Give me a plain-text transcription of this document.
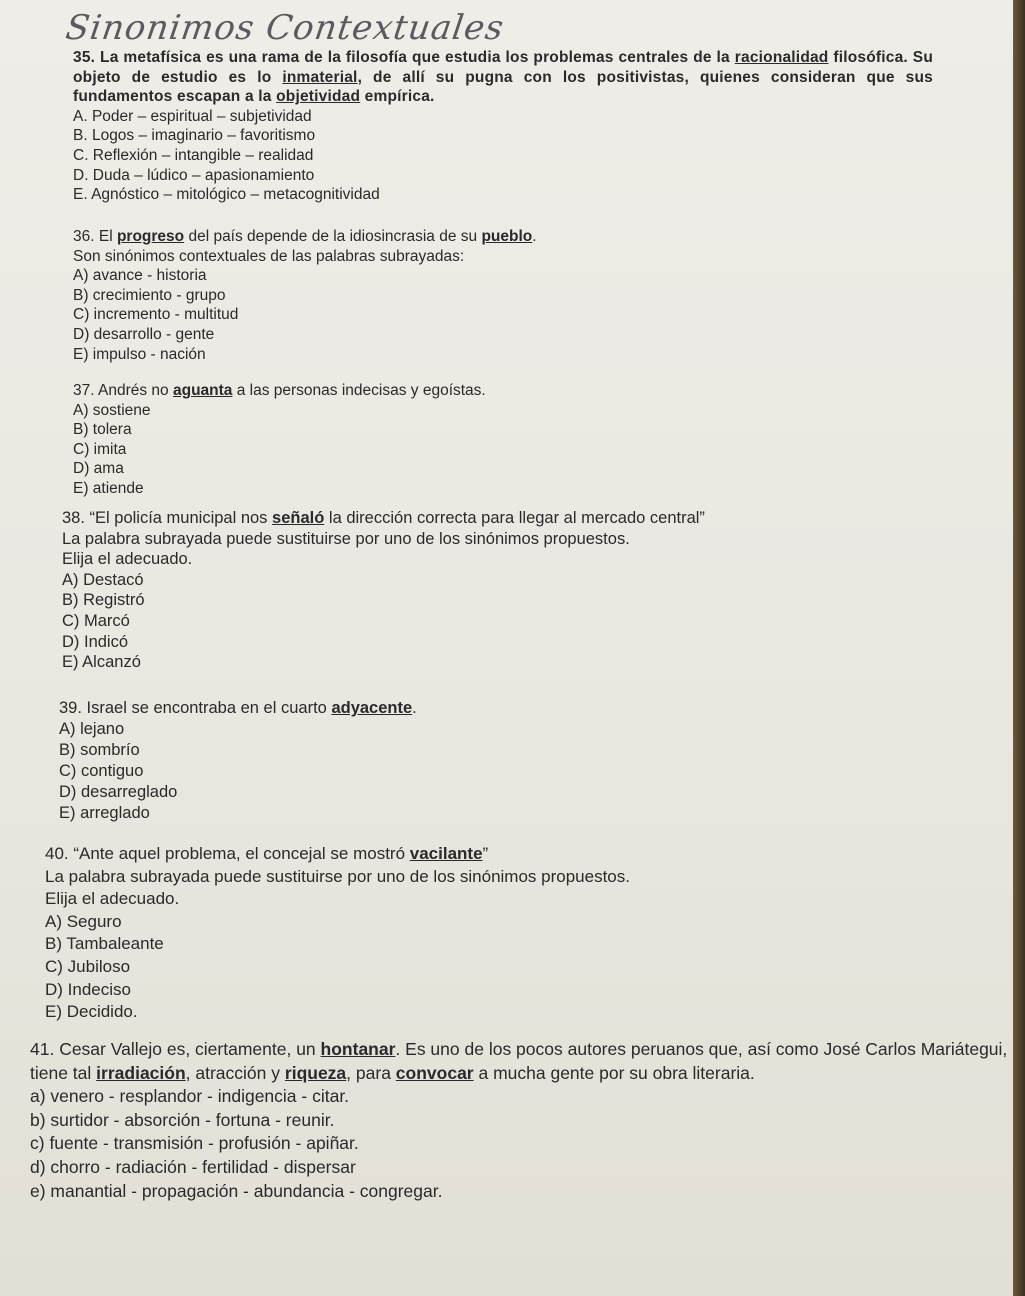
Sinonimos Contextuales

35. La metafísica es una rama de la filosofía que estudia los problemas centrales de la racionalidad filosófica. Su objeto de estudio es lo inmaterial, de allí su pugna con los positivistas, quienes consideran que sus fundamentos escapan a la objetividad empírica.

A. Poder – espiritual – subjetividad

B. Logos – imaginario – favoritismo

C. Reflexión – intangible – realidad

D. Duda – lúdico – apasionamiento

E. Agnóstico – mitológico – metacognitividad

36. El progreso del país depende de la idiosincrasia de su pueblo.

Son sinónimos contextuales de las palabras subrayadas:

A) avance - historia

B) crecimiento - grupo

C) incremento - multitud

D) desarrollo - gente

E) impulso - nación

37. Andrés no aguanta a las personas indecisas y egoístas.

A) sostiene

B) tolera

C) imita

D) ama

E) atiende

38. “El policía municipal nos señaló la dirección correcta para llegar al mercado central”

La palabra subrayada puede sustituirse por uno de los sinónimos propuestos.

Elija el adecuado.

A) Destacó

B) Registró

C) Marcó

D) Indicó

E) Alcanzó

39. Israel se encontraba en el cuarto adyacente.

A) lejano

B) sombrío

C) contiguo

D) desarreglado

E) arreglado

40. “Ante aquel problema, el concejal se mostró vacilante”

La palabra subrayada puede sustituirse por uno de los sinónimos propuestos.

Elija el adecuado.

A) Seguro

B) Tambaleante

C) Jubiloso

D) Indeciso

E) Decidido.

41. Cesar Vallejo es, ciertamente, un hontanar. Es uno de los pocos autores peruanos que, así como José Carlos Mariátegui, tiene tal irradiación, atracción y riqueza, para convocar a mucha gente por su obra literaria.

a) venero - resplandor - indigencia - citar.

b) surtidor - absorción - fortuna - reunir.

c) fuente - transmisión - profusión - apiñar.

d) chorro - radiación - fertilidad - dispersar

e) manantial - propagación - abundancia - congregar.
